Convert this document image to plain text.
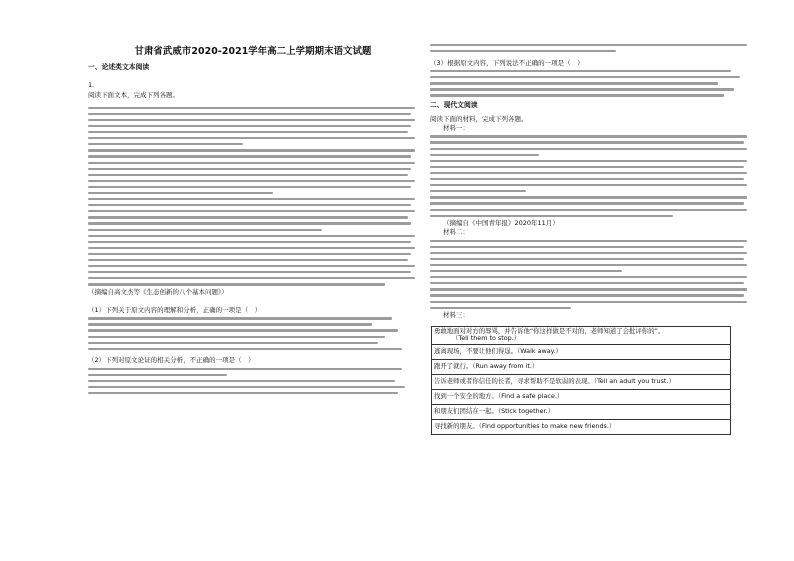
甘肃省武威市2020-2021学年高二上学期期末语文试题
一、论述类文本阅读
1.
阅读下面文本，完成下列各题。
（摘编自高文杰等《生态创新的八个基本问题》）
（1）下列关于原文内容的理解和分析，正确的一项是（　）
（2）下列对原文论证的相关分析，不正确的一项是（　）
（3）根据原文内容，下列说法不正确的一项是（　）
二、现代文阅读
阅读下面的材料，完成下列各题。
材料一：
（摘编自《中国青年报》2020年11月）
材料二：
材料三：
勇敢地面对对方的辱骂，并告诉他“你这样做是不对的，老师知道了会批评你的”。
（Tell them to stop.）

逃离现场，不要让他们得逞。（Walk away.）
跑开了就行。（Run away from it.）
告诉老师或者你信任的长者，寻求帮助不是软弱的表现。（Tell an adult you trust.）
找到一个安全的地方。（Find a safe place.）
和朋友们团结在一起。（Stick together.）
寻找新的朋友。（Find opportunities to make new friends.）
